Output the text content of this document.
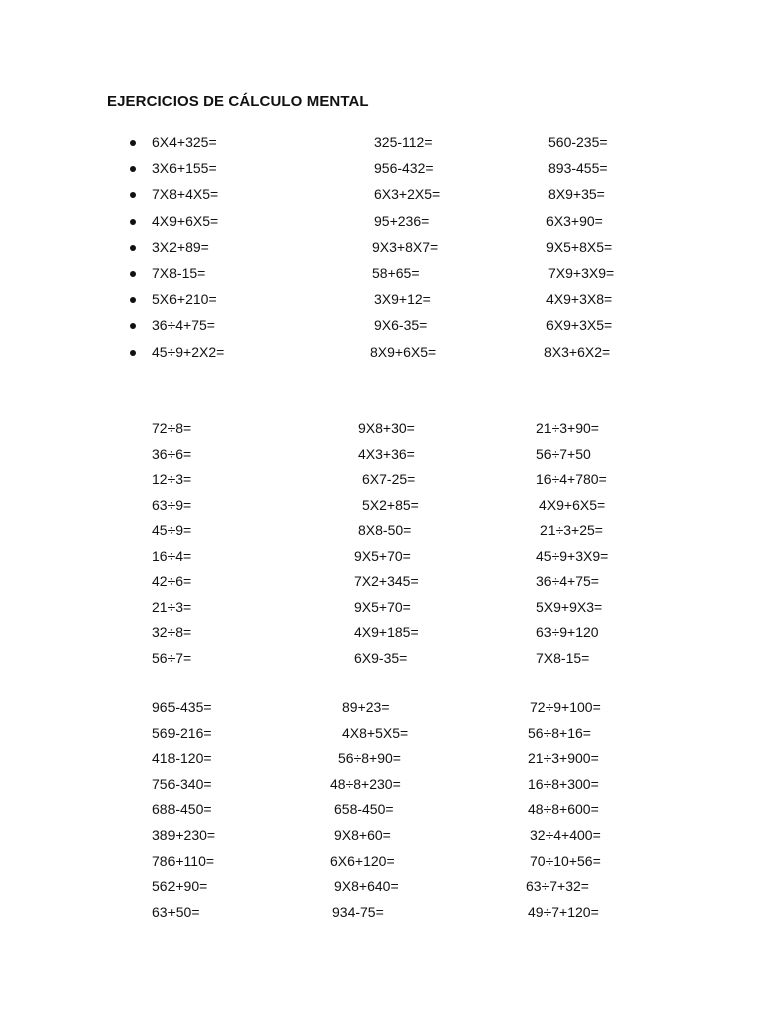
EJERCICIOS DE CÁLCULO MENTAL
6X4+325=	325-112=	560-235=
3X6+155=	956-432=	893-455=
7X8+4X5=	6X3+2X5=	8X9+35=
4X9+6X5=	95+236=	6X3+90=
3X2+89=	9X3+8X7=	9X5+8X5=
7X8-15=	58+65=	7X9+3X9=
5X6+210=	3X9+12=	4X9+3X8=
36÷4+75=	9X6-35=	6X9+3X5=
45÷9+2X2=	8X9+6X5=	8X3+6X2=
72÷8=	9X8+30=	21÷3+90=
36÷6=	4X3+36=	56÷7+50
12÷3=	6X7-25=	16÷4+780=
63÷9=	5X2+85=	4X9+6X5=
45÷9=	8X8-50=	21÷3+25=
16÷4=	9X5+70=	45÷9+3X9=
42÷6=	7X2+345=	36÷4+75=
21÷3=	9X5+70=	5X9+9X3=
32÷8=	4X9+185=	63÷9+120
56÷7=	6X9-35=	7X8-15=
965-435=	89+23=	72÷9+100=
569-216=	4X8+5X5=	56÷8+16=
418-120=	56÷8+90=	21÷3+900=
756-340=	48÷8+230=	16÷8+300=
688-450=	658-450=	48÷8+600=
389+230=	9X8+60=	32÷4+400=
786+110=	6X6+120=	70÷10+56=
562+90=	9X8+640=	63÷7+32=
63+50=	934-75=	49÷7+120=
